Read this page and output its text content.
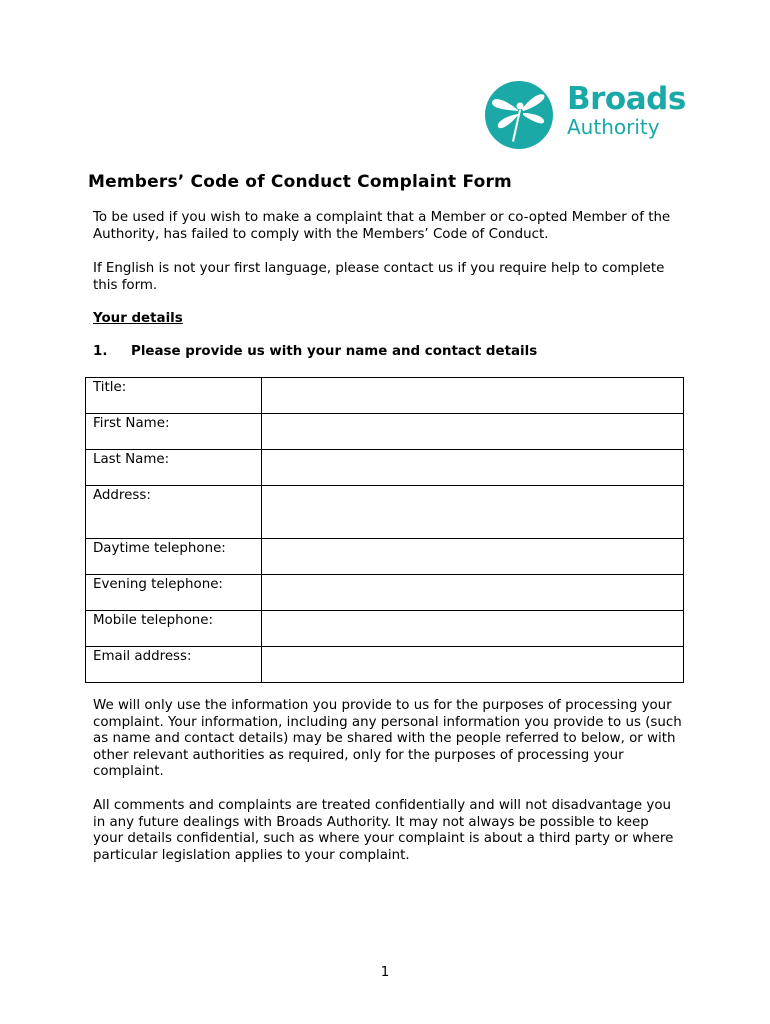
Broads
Authority
Members’ Code of Conduct Complaint Form

To be used if you wish to make a complaint that a Member or co-opted Member of the Authority, has failed to comply with the Members’ Code of Conduct.

If English is not your first language, please contact us if you require help to complete this form.

Your details

1. Please provide us with your name and contact details

Title:	
First Name:	
Last Name:	
Address:	
Daytime telephone:	
Evening telephone:	
Mobile telephone:	
Email address:	

We will only use the information you provide to us for the purposes of processing your complaint. Your information, including any personal information you provide to us (such as name and contact details) may be shared with the people referred to below, or with other relevant authorities as required, only for the purposes of processing your complaint.

All comments and complaints are treated confidentially and will not disadvantage you in any future dealings with Broads Authority. It may not always be possible to keep your details confidential, such as where your complaint is about a third party or where particular legislation applies to your complaint.

1
